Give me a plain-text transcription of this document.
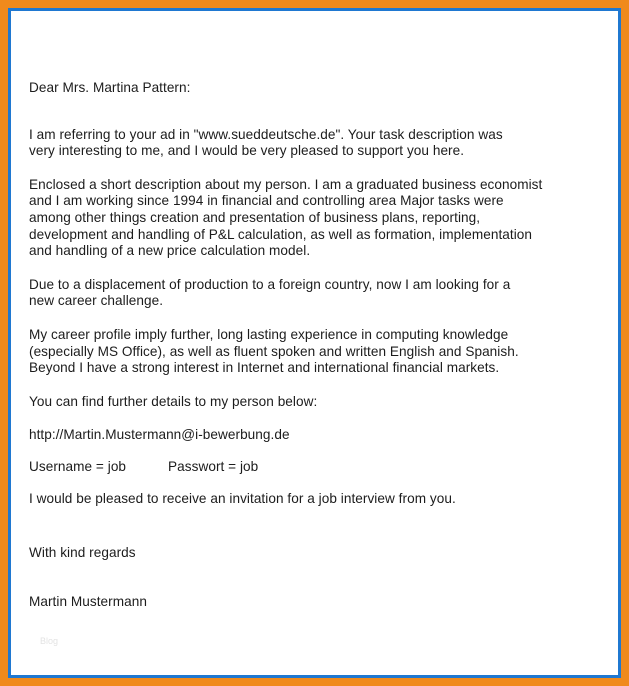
Dear Mrs. Martina Pattern:

I am referring to your ad in "www.sueddeutsche.de". Your task description was
very interesting to me, and I would be very pleased to support you here.

Enclosed a short description about my person. I am a graduated business economist
and I am working since 1994 in financial and controlling area Major tasks were
among other things creation and presentation of business plans, reporting,
development and handling of P&L calculation, as well as formation, implementation
and handling of a new price calculation model.

Due to a displacement of production to a foreign country, now I am looking for a
new career challenge.

My career profile imply further, long lasting experience in computing knowledge
(especially MS Office), as well as fluent spoken and written English and Spanish.
Beyond I have a strong interest in Internet and international financial markets.

You can find further details to my person below:

http://Martin.Mustermann@i-bewerbung.de

Username = job	Passwort = job

I would be pleased to receive an invitation for a job interview from you.

With kind regards

Martin Mustermann

Blog
